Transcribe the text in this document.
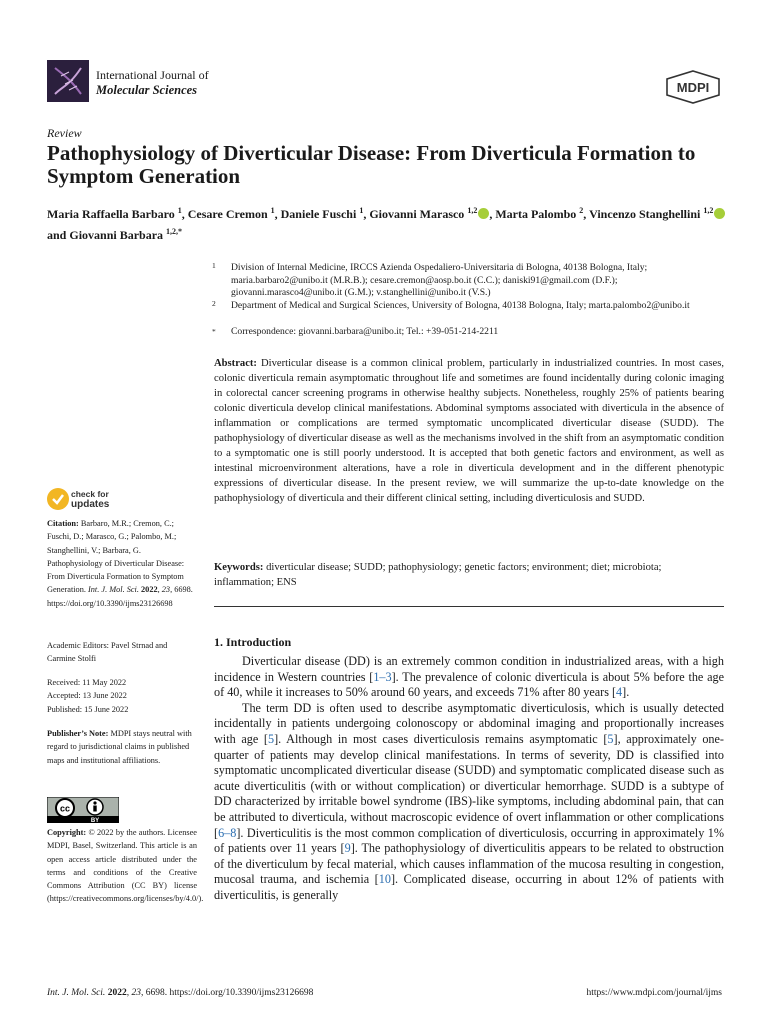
International Journal of
Molecular Sciences	MDPI
Review
Pathophysiology of Diverticular Disease: From Diverticula Formation to Symptom Generation
Maria Raffaella Barbaro $^1$, Cesare Cremon $^1$, Daniele Fuschi $^1$, Giovanni Marasco $^{1,2}$ , Marta Palombo $^2$, Vincenzo Stanghellini $^{1,2}$ and Giovanni Barbara $^{1,2,*}$
1	Division of Internal Medicine, IRCCS Azienda Ospedaliero-Universitaria di Bologna, 40138 Bologna, Italy; maria.barbaro2@unibo.it (M.R.B.); cesare.cremon@aosp.bo.it (C.C.); daniski91@gmail.com (D.F.); giovanni.marasco4@unibo.it (G.M.); v.stanghellini@unibo.it (V.S.)
2	Department of Medical and Surgical Sciences, University of Bologna, 40138 Bologna, Italy; marta.palombo2@unibo.it
*	Correspondence: giovanni.barbara@unibo.it; Tel.: +39-051-214-2211
Abstract: Diverticular disease is a common clinical problem, particularly in industrialized countries. In most cases, colonic diverticula remain asymptomatic throughout life and sometimes are found incidentally during colonic imaging in colorectal cancer screening programs in otherwise healthy subjects. Nonetheless, roughly 25% of patients bearing colonic diverticula develop clinical manifestations. Abdominal symptoms associated with diverticula in the absence of inflammation or complications are termed symptomatic uncomplicated diverticular disease (SUDD). The pathophysiology of diverticular disease as well as the mechanisms involved in the shift from an asymptomatic condition to a symptomatic one is still poorly understood. It is accepted that both genetic factors and environment, as well as intestinal microenvironment alterations, have a role in diverticula development and in the different phenotypic expressions of diverticular disease. In the present review, we will summarize the up-to-date knowledge on the pathophysiology of diverticula and their different clinical setting, including diverticulosis and SUDD.
Keywords: diverticular disease; SUDD; pathophysiology; genetic factors; environment; diet; microbiota; inflammation; ENS
check for
updates
Citation: Barbaro, M.R.; Cremon, C.; Fuschi, D.; Marasco, G.; Palombo, M.; Stanghellini, V.; Barbara, G. Pathophysiology of Diverticular Disease: From Diverticula Formation to Symptom Generation. Int. J. Mol. Sci. 2022, 23, 6698. https://doi.org/10.3390/ijms23126698
Academic Editors: Pavel Strnad and Carmine Stolfi
Received: 11 May 2022
Accepted: 13 June 2022
Published: 15 June 2022
Publisher’s Note: MDPI stays neutral with regard to jurisdictional claims in published maps and institutional affiliations.
cc
BY
Copyright: © 2022 by the authors. Licensee MDPI, Basel, Switzerland. This article is an open access article distributed under the terms and conditions of the Creative Commons Attribution (CC BY) license (https://creativecommons.org/licenses/by/4.0/).
1. Introduction

Diverticular disease (DD) is an extremely common condition in industrialized areas, with a high incidence in Western countries [1–3]. The prevalence of colonic diverticula is about 5% before the age of 40, while it increases to 50% around 60 years, and exceeds 71% after 80 years [4].

The term DD is often used to describe asymptomatic diverticulosis, which is usually detected incidentally in patients undergoing colonoscopy or abdominal imaging and proportionally increases with age [5]. Although in most cases diverticulosis remains asymptomatic [5], approximately one-quarter of patients may develop clinical manifestations. In terms of severity, DD is classified into symptomatic uncomplicated diverticular disease (SUDD) and symptomatic complicated disease such as acute diverticulitis (with or without complication) or diverticular hemorrhage. SUDD is a subtype of DD characterized by irritable bowel syndrome (IBS)-like symptoms, including abdominal pain, that can be attributed to diverticula, without macroscopic evidence of overt inflammation or other complications [6–8]. Diverticulitis is the most common complication of diverticulosis, occurring in approximately 1% of patients over 11 years [9]. The pathophysiology of diverticulitis appears to be related to obstruction of the diverticulum by fecal material, which causes inflammation of the mucosa resulting in congestion, mucosal trauma, and ischemia [10]. Complicated disease, occurring in about 12% of patients with diverticulitis, is generally

Int. J. Mol. Sci. 2022, 23, 6698. https://doi.org/10.3390/ijms23126698	https://www.mdpi.com/journal/ijms
